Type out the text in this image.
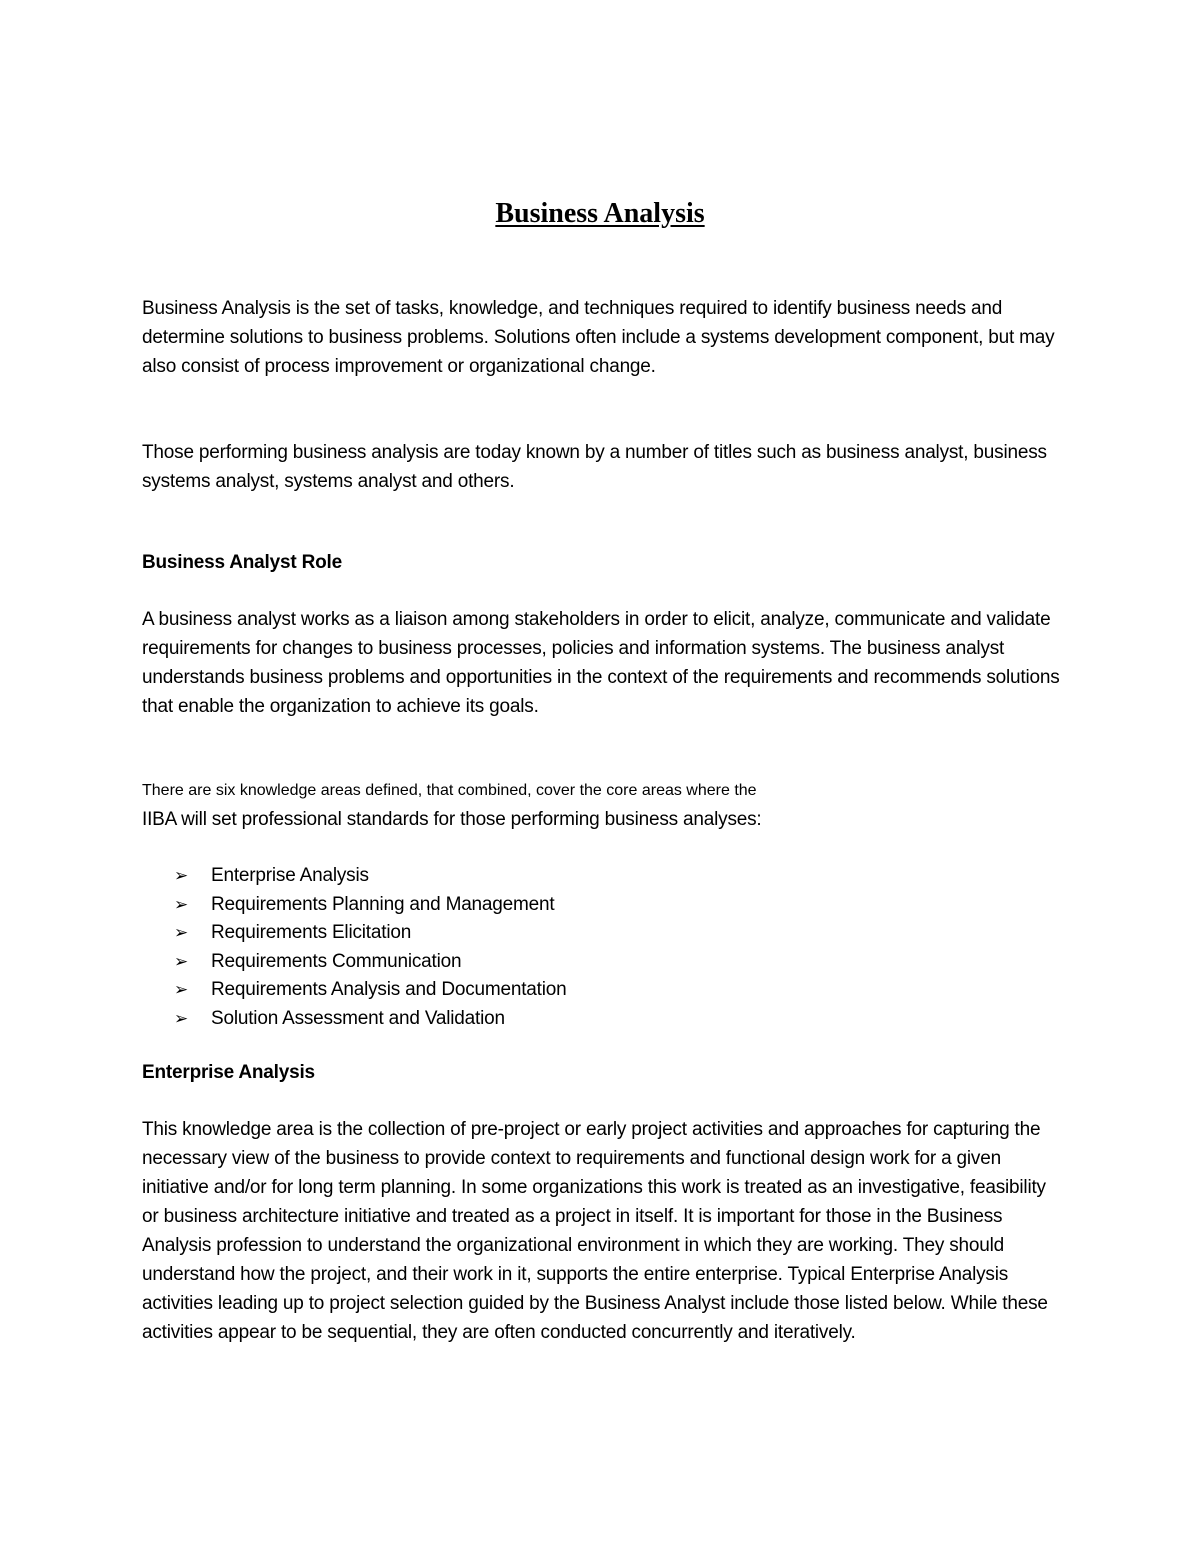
Business Analysis

Business Analysis is the set of tasks, knowledge, and techniques required to identify business needs and determine solutions to business problems. Solutions often include a systems development component, but may also consist of process improvement or organizational change.

Those performing business analysis are today known by a number of titles such as business analyst, business systems analyst, systems analyst and others.

Business Analyst Role

A business analyst works as a liaison among stakeholders in order to elicit, analyze, communicate and validate requirements for changes to business processes, policies and information systems. The business analyst understands business problems and opportunities in the context of the requirements and recommends solutions that enable the organization to achieve its goals.

There are six knowledge areas defined, that combined, cover the core areas where the

IIBA will set professional standards for those performing business analyses:

➢	Enterprise Analysis
➢	Requirements Planning and Management
➢	Requirements Elicitation
➢	Requirements Communication
➢	Requirements Analysis and Documentation
➢	Solution Assessment and Validation

Enterprise Analysis

This knowledge area is the collection of pre-project or early project activities and approaches for capturing the necessary view of the business to provide context to requirements and functional design work for a given initiative and/or for long term planning. In some organizations this work is treated as an investigative, feasibility or business architecture initiative and treated as a project in itself. It is important for those in the Business Analysis profession to understand the organizational environment in which they are working. They should understand how the project, and their work in it, supports the entire enterprise. Typical Enterprise Analysis activities leading up to project selection guided by the Business Analyst include those listed below. While these activities appear to be sequential, they are often conducted concurrently and iteratively.
